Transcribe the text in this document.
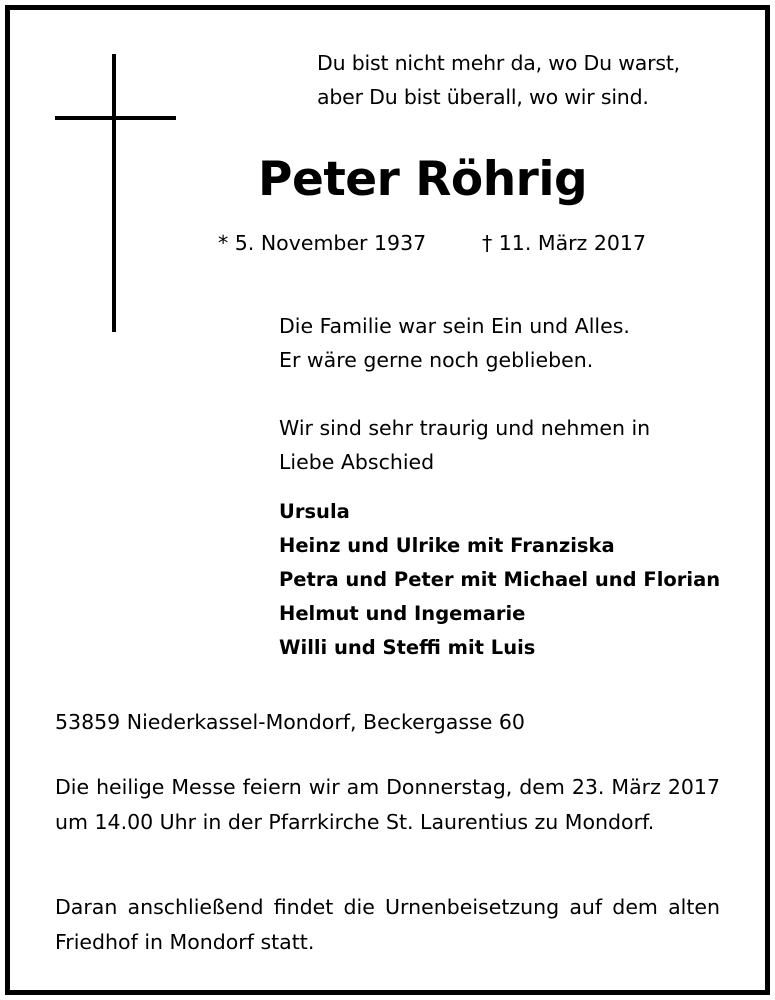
Du bist nicht mehr da, wo Du warst,
aber Du bist überall, wo wir sind.
Peter Röhrig
* 5. November 1937	† 11. März 2017
Die Familie war sein Ein und Alles.
Er wäre gerne noch geblieben.
Wir sind sehr traurig und nehmen in
Liebe Abschied
Ursula
Heinz und Ulrike mit Franziska
Petra und Peter mit Michael und Florian
Helmut und Ingemarie
Willi und Steffi mit Luis
53859 Niederkassel-Mondorf, Beckergasse 60
Die heilige Messe feiern wir am Donnerstag, dem 23. März 2017 um 14.00 Uhr in der Pfarrkirche St. Laurentius zu Mondorf.
Daran anschließend findet die Urnenbeisetzung auf dem alten Friedhof in Mondorf statt.
